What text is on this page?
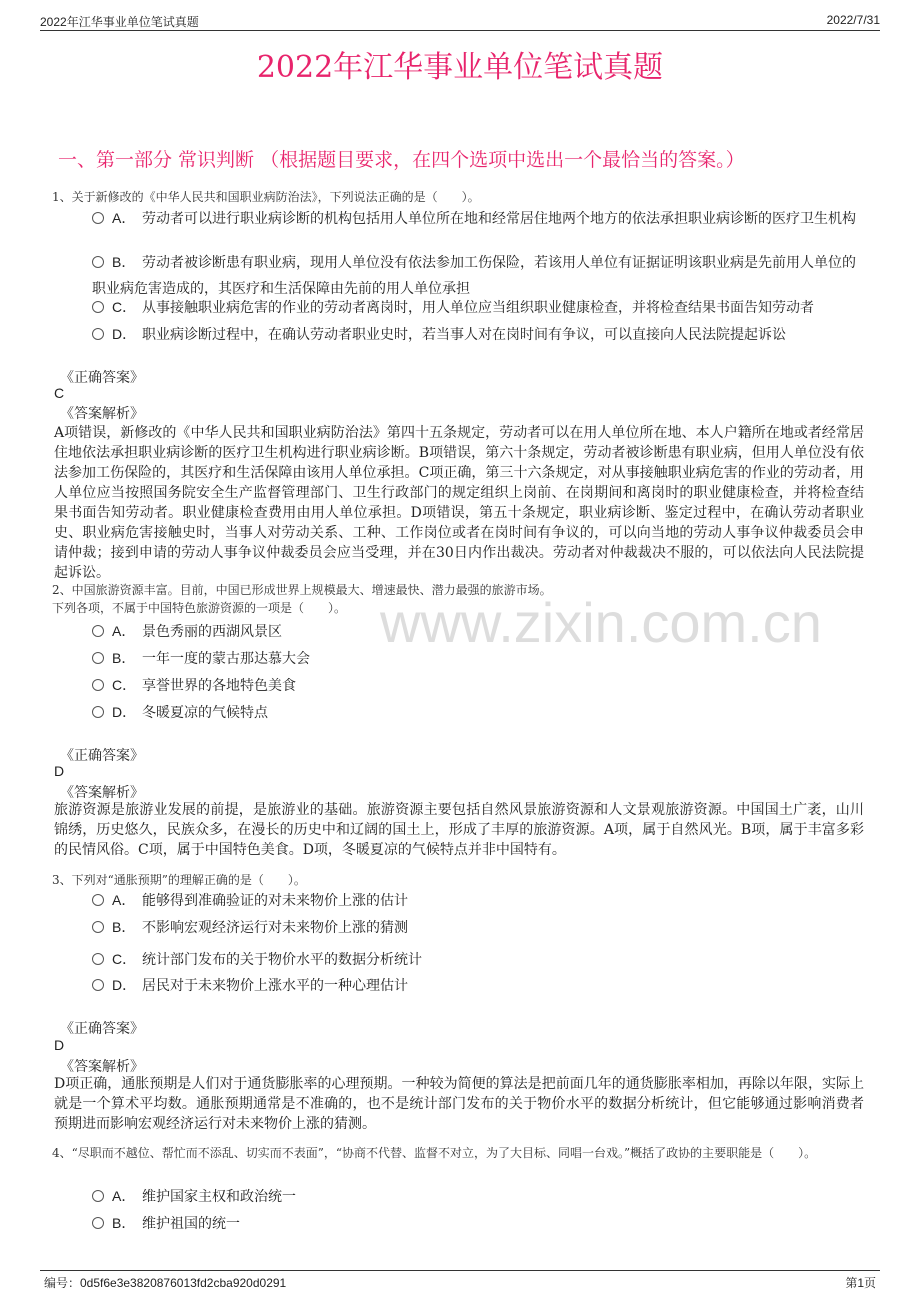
2022年江华事业单位笔试真题	2022/7/31
2022年江华事业单位笔试真题
一、第一部分 常识判断 （根据题目要求，在四个选项中选出一个最恰当的答案。）
www.zixin.com.cn
1、关于新修改的《中华人民共和国职业病防治法》，下列说法正确的是（　　）。
A． 劳动者可以进行职业病诊断的机构包括用人单位所在地和经常居住地两个地方的依法承担职业病诊断的医疗卫生机构
B． 劳动者被诊断患有职业病，现用人单位没有依法参加工伤保险，若该用人单位有证据证明该职业病是先前用人单位的职业病危害造成的，其医疗和生活保障由先前的用人单位承担
C． 从事接触职业病危害的作业的劳动者离岗时，用人单位应当组织职业健康检查，并将检查结果书面告知劳动者
D． 职业病诊断过程中，在确认劳动者职业史时，若当事人对在岗时间有争议，可以直接向人民法院提起诉讼
《正确答案》
C
《答案解析》
A项错误，新修改的《中华人民共和国职业病防治法》第四十五条规定，劳动者可以在用人单位所在地、本人户籍所在地或者经常居住地依法承担职业病诊断的医疗卫生机构进行职业病诊断。B项错误，第六十条规定，劳动者被诊断患有职业病，但用人单位没有依法参加工伤保险的，其医疗和生活保障由该用人单位承担。C项正确，第三十六条规定，对从事接触职业病危害的作业的劳动者，用人单位应当按照国务院安全生产监督管理部门、卫生行政部门的规定组织上岗前、在岗期间和离岗时的职业健康检查，并将检查结果书面告知劳动者。职业健康检查费用由用人单位承担。D项错误，第五十条规定，职业病诊断、鉴定过程中，在确认劳动者职业史、职业病危害接触史时，当事人对劳动关系、工种、工作岗位或者在岗时间有争议的，可以向当地的劳动人事争议仲裁委员会申请仲裁；接到申请的劳动人事争议仲裁委员会应当受理，并在30日内作出裁决。劳动者对仲裁裁决不服的，可以依法向人民法院提起诉讼。
2、中国旅游资源丰富。目前，中国已形成世界上规模最大、增速最快、潜力最强的旅游市场。
下列各项，不属于中国特色旅游资源的一项是（　　）。
A． 景色秀丽的西湖风景区
B． 一年一度的蒙古那达慕大会
C． 享誉世界的各地特色美食
D． 冬暖夏凉的气候特点
《正确答案》
D
《答案解析》
旅游资源是旅游业发展的前提，是旅游业的基础。旅游资源主要包括自然风景旅游资源和人文景观旅游资源。中国国土广袤，山川锦绣，历史悠久，民族众多，在漫长的历史中和辽阔的国土上，形成了丰厚的旅游资源。A项，属于自然风光。B项，属于丰富多彩的民情风俗。C项，属于中国特色美食。D项，冬暖夏凉的气候特点并非中国特有。
3、下列对“通胀预期”的理解正确的是（　　）。
A． 能够得到准确验证的对未来物价上涨的估计
B． 不影响宏观经济运行对未来物价上涨的猜测
C． 统计部门发布的关于物价水平的数据分析统计
D． 居民对于未来物价上涨水平的一种心理估计
《正确答案》
D
《答案解析》
D项正确，通胀预期是人们对于通货膨胀率的心理预期。一种较为简便的算法是把前面几年的通货膨胀率相加，再除以年限，实际上就是一个算术平均数。通胀预期通常是不准确的，也不是统计部门发布的关于物价水平的数据分析统计，但它能够通过影响消费者预期进而影响宏观经济运行对未来物价上涨的猜测。
4、“尽职而不越位、帮忙而不添乱、切实而不表面”，“协商不代替、监督不对立，为了大目标、同唱一台戏。”概括了政协的主要职能是（　　）。
A． 维护国家主权和政治统一
B． 维护祖国的统一
编号：0d5f6e3e3820876013fd2cba920d0291	第1页
